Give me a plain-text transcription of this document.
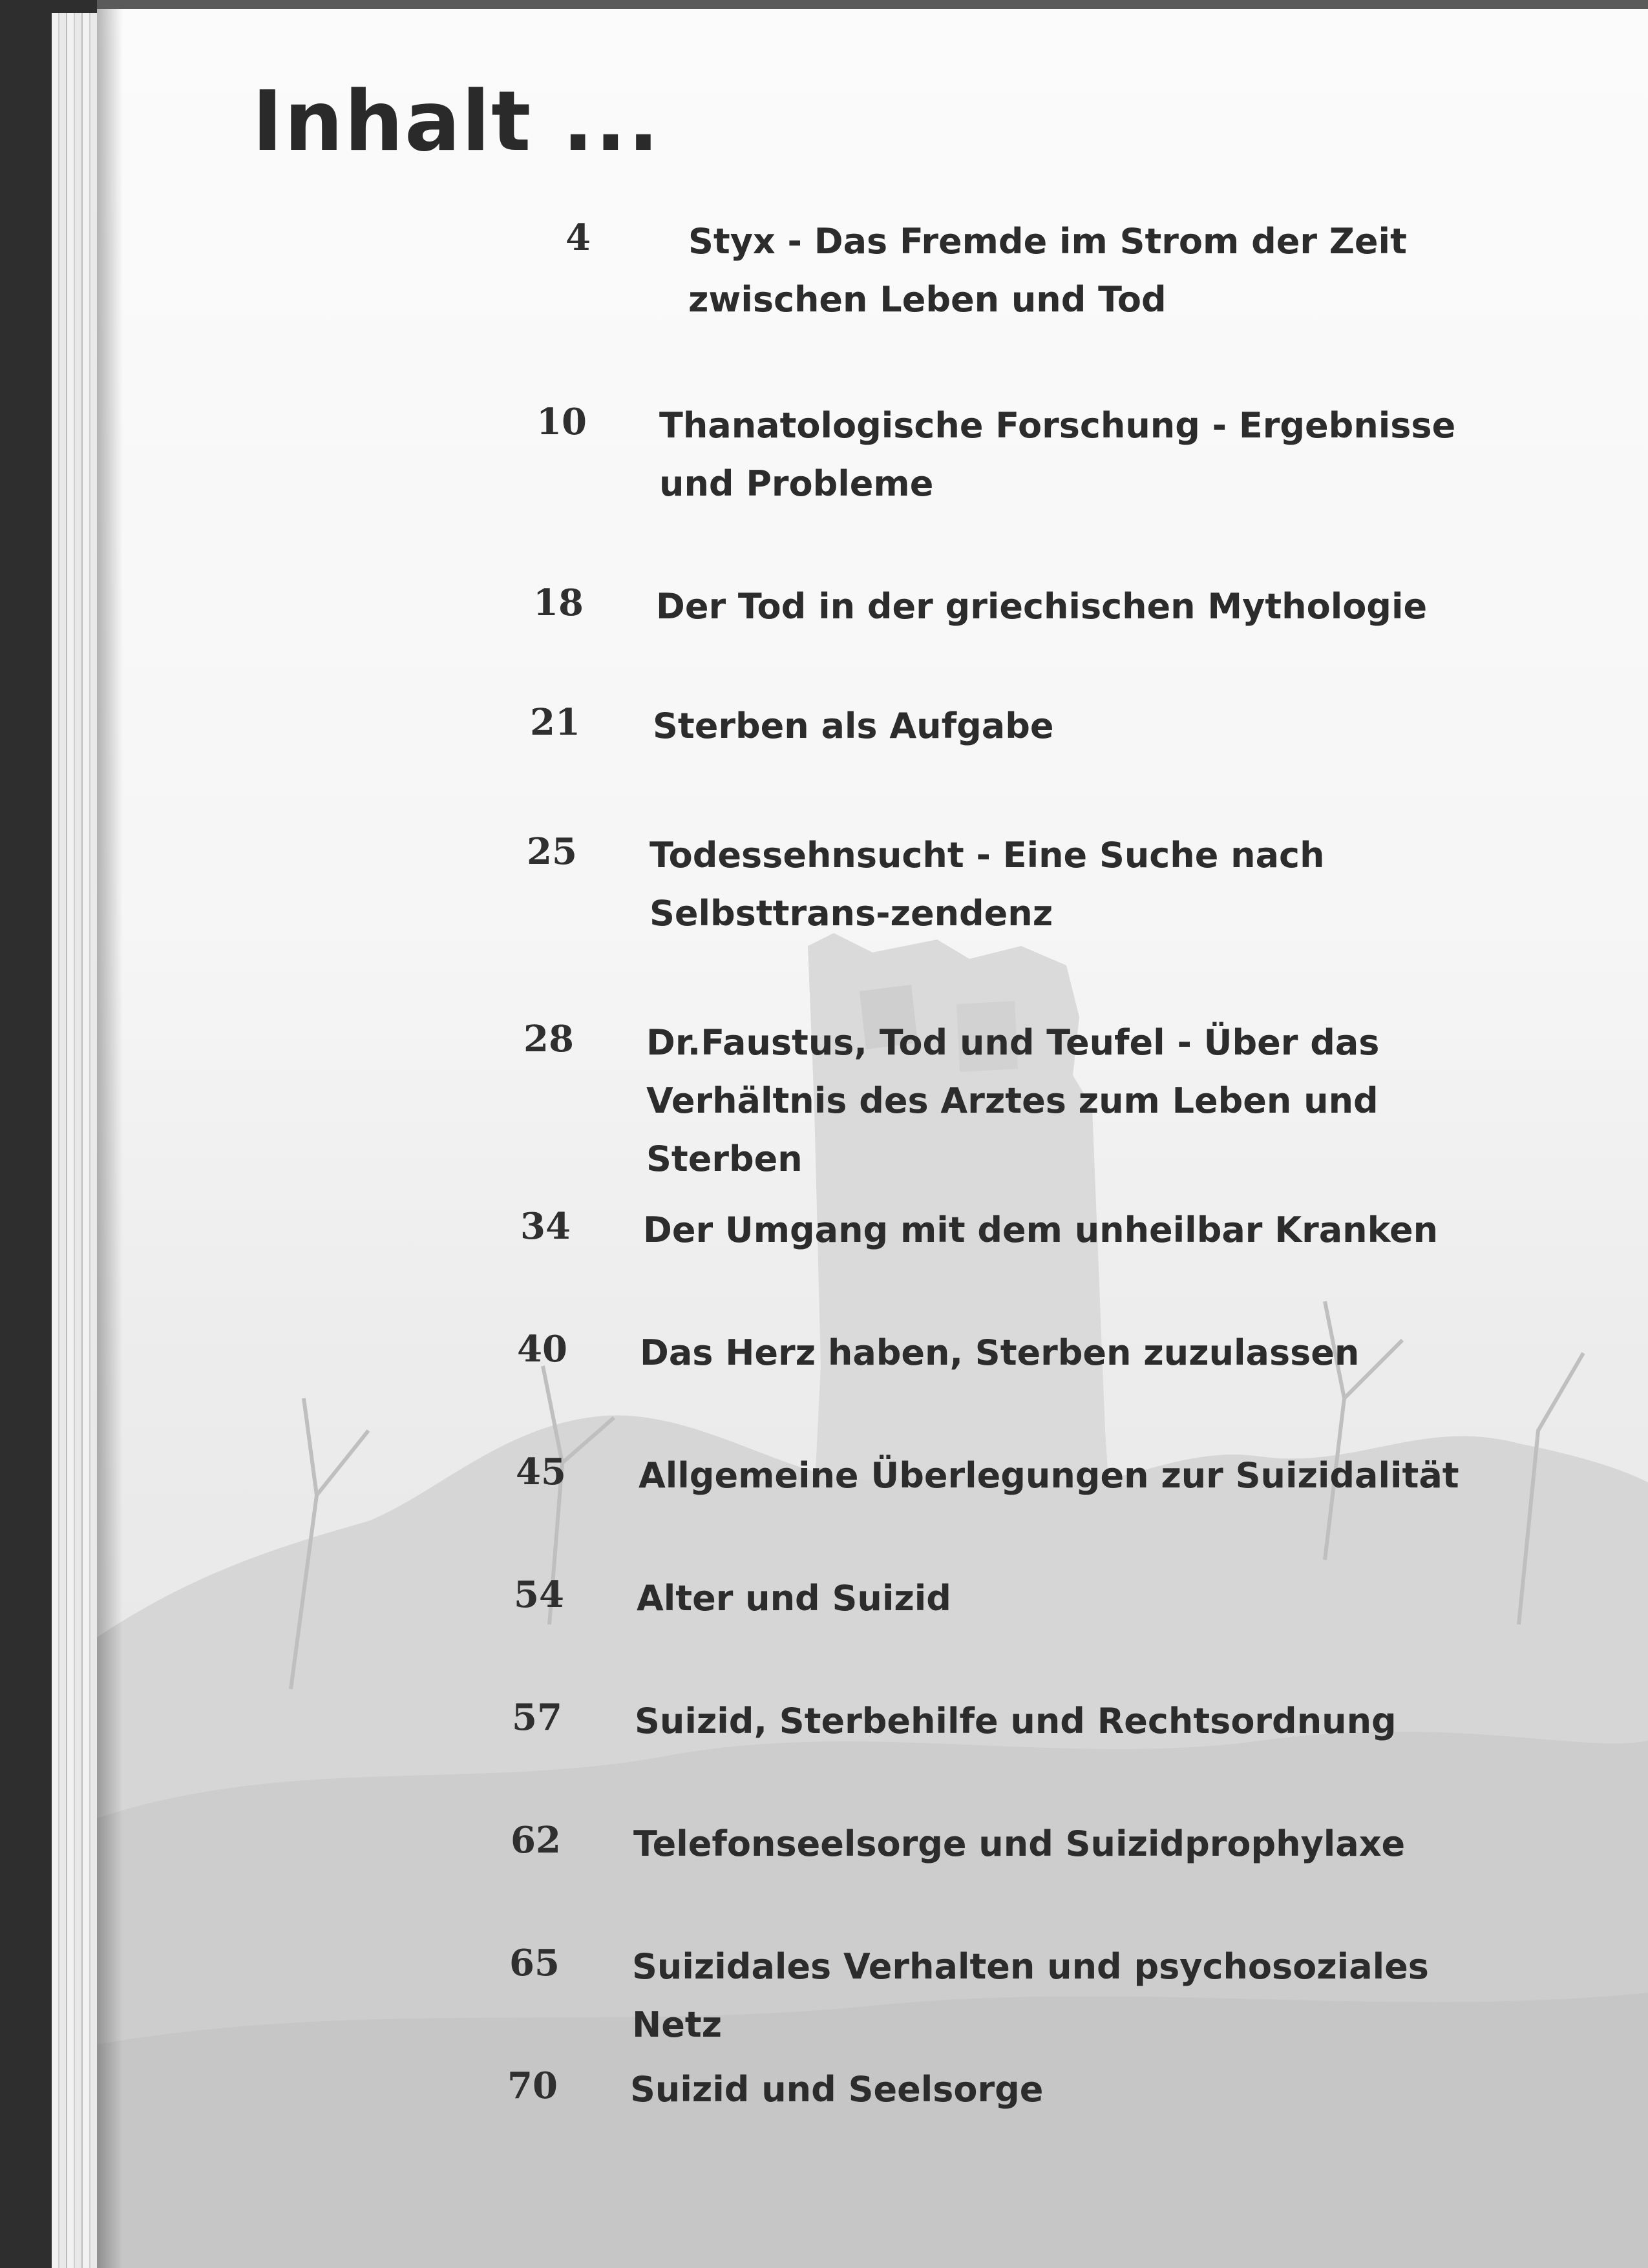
Inhalt ...
4	Styx - Das Fremde im Strom der Zeit zwischen Leben und Tod
10	Thanatologische Forschung - Ergebnisse und Probleme
18	Der Tod in der griechischen Mythologie
21	Sterben als Aufgabe
25	Todessehnsucht - Eine Suche nach Selbsttrans-zendenz
28	Dr.Faustus, Tod und Teufel - Über das Verhältnis des Arztes zum Leben und Sterben
34	Der Umgang mit dem unheilbar Kranken
40	Das Herz haben, Sterben zuzulassen
45	Allgemeine Überlegungen zur Suizidalität
54	Alter und Suizid
57	Suizid, Sterbehilfe und Rechtsordnung
62	Telefonseelsorge und Suizidprophylaxe
65	Suizidales Verhalten und psychosoziales Netz
70	Suizid und Seelsorge
